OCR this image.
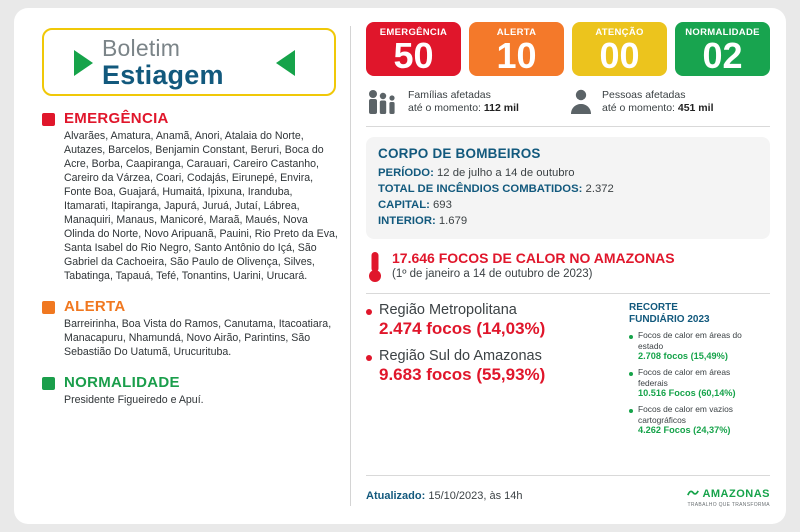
Boletim
Estiagem
EMERGÊNCIA
Alvarães, Amatura, Anamã, Anori, Atalaia do Norte, Autazes, Barcelos, Benjamin Constant, Beruri, Boca do Acre, Borba, Caapiranga, Carauari, Careiro Castanho, Careiro da Várzea, Coari, Codajás, Eirunepé, Envira, Fonte Boa, Guajará, Humaitá, Ipixuna, Iranduba, Itamarati, Itapiranga, Japurá, Juruá, Jutaí, Lábrea, Manaquiri, Manaus, Manicoré, Maraã, Maués, Nova Olinda do Norte, Novo Aripuanã, Pauini, Rio Preto da Eva, Santa Isabel do Rio Negro, Santo Antônio do Içá, São Gabriel da Cachoeira, São Paulo de Olivença, Silves, Tabatinga, Tapauá, Tefé, Tonantins, Uarini, Urucará.
ALERTA
Barreirinha, Boa Vista do Ramos, Canutama, Itacoatiara, Manacapuru, Nhamundá, Novo Airão, Parintins, São Sebastião Do Uatumã, Urucurituba.
NORMALIDADE
Presidente Figueiredo e Apuí.
EMERGÊNCIA
50
ALERTA
10
ATENÇÃO
00
NORMALIDADE
02
Famílias afetadas
até o momento: 112 mil
Pessoas afetadas
até o momento: 451 mil
CORPO DE BOMBEIROS
PERÍODO: 12 de julho a 14 de outubro
TOTAL DE INCÊNDIOS COMBATIDOS: 2.372
CAPITAL: 693
INTERIOR: 1.679
17.646 FOCOS DE CALOR NO AMAZONAS
(1º de janeiro a 14 de outubro de 2023)
Região Metropolitana
2.474 focos (14,03%)
Região Sul do Amazonas
9.683 focos (55,93%)
RECORTE
FUNDIÁRIO 2023
Focos de calor em áreas do estado
2.708 focos (15,49%)
Focos de calor em áreas federais
10.516 Focos (60,14%)
Focos de calor em vazios cartográficos
4.262 Focos (24,37%)
Atualizado: 15/10/2023, às 14h	AMAZONAS
TRABALHO QUE TRANSFORMA
